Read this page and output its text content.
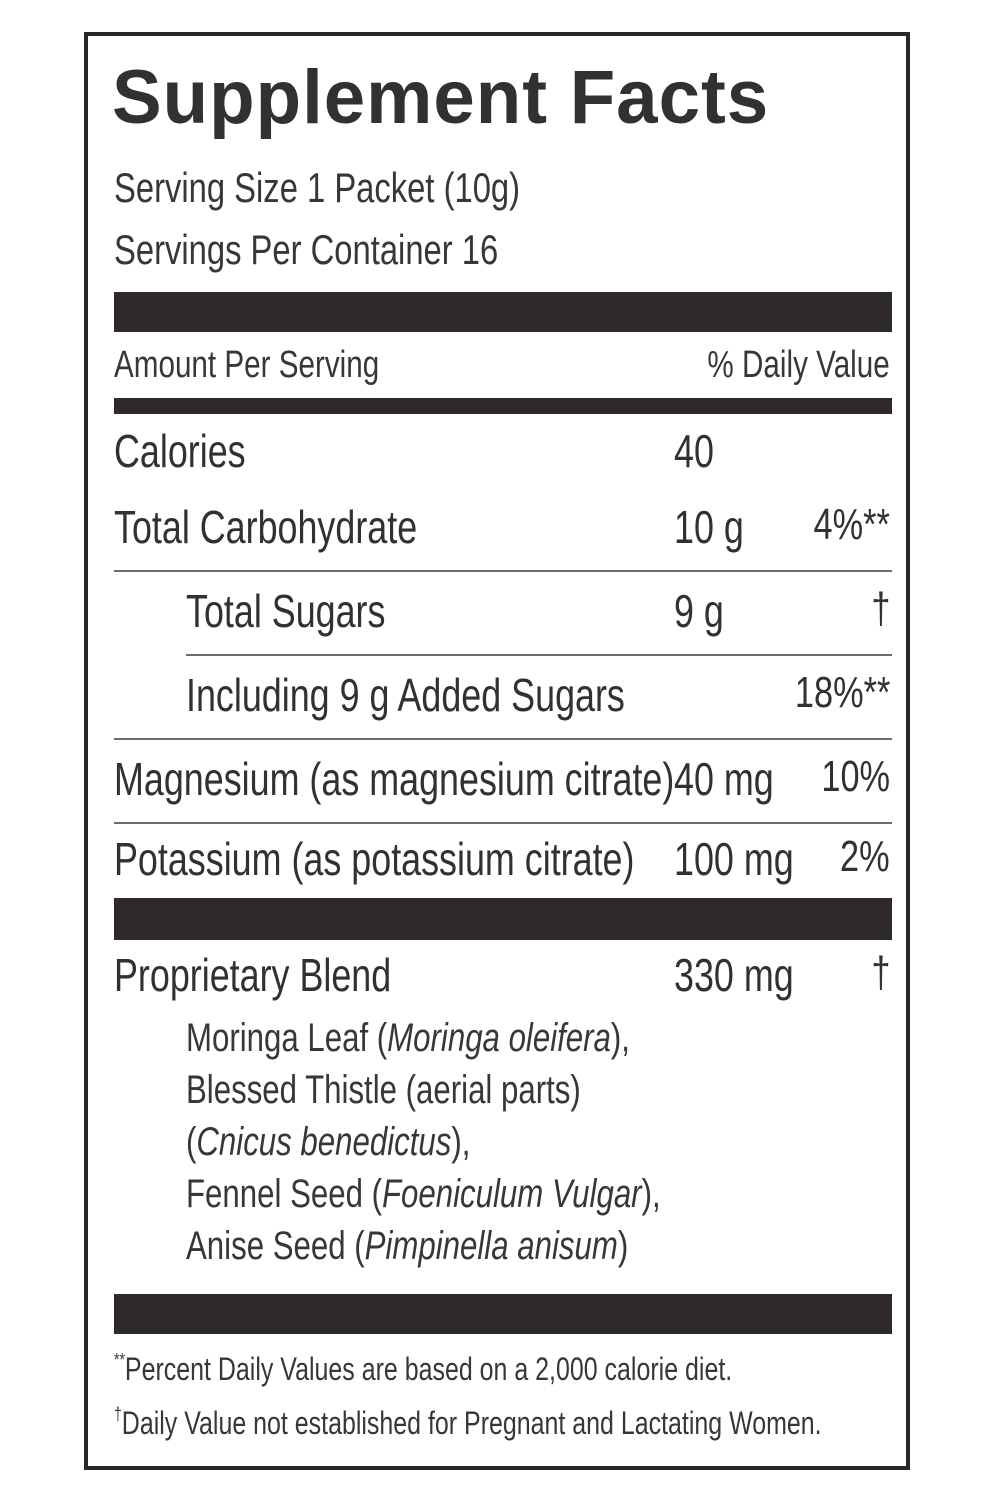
Supplement Facts
Serving Size 1 Packet (10g)
Servings Per Container 16
Amount Per Serving	% Daily Value
Calories	40
Total Carbohydrate	10 g	4%**
Total Sugars	9 g	†
Including 9 g Added Sugars	18%**
Magnesium (as magnesium citrate) 40 mg	10%
Potassium (as potassium citrate) 100 mg	2%
Proprietary Blend	330 mg	†
Moringa Leaf (Moringa oleifera),
Blessed Thistle (aerial parts)
(Cnicus benedictus),
Fennel Seed (Foeniculum Vulgar),
Anise Seed (Pimpinella anisum)
**Percent Daily Values are based on a 2,000 calorie diet.
†Daily Value not established for Pregnant and Lactating Women.
